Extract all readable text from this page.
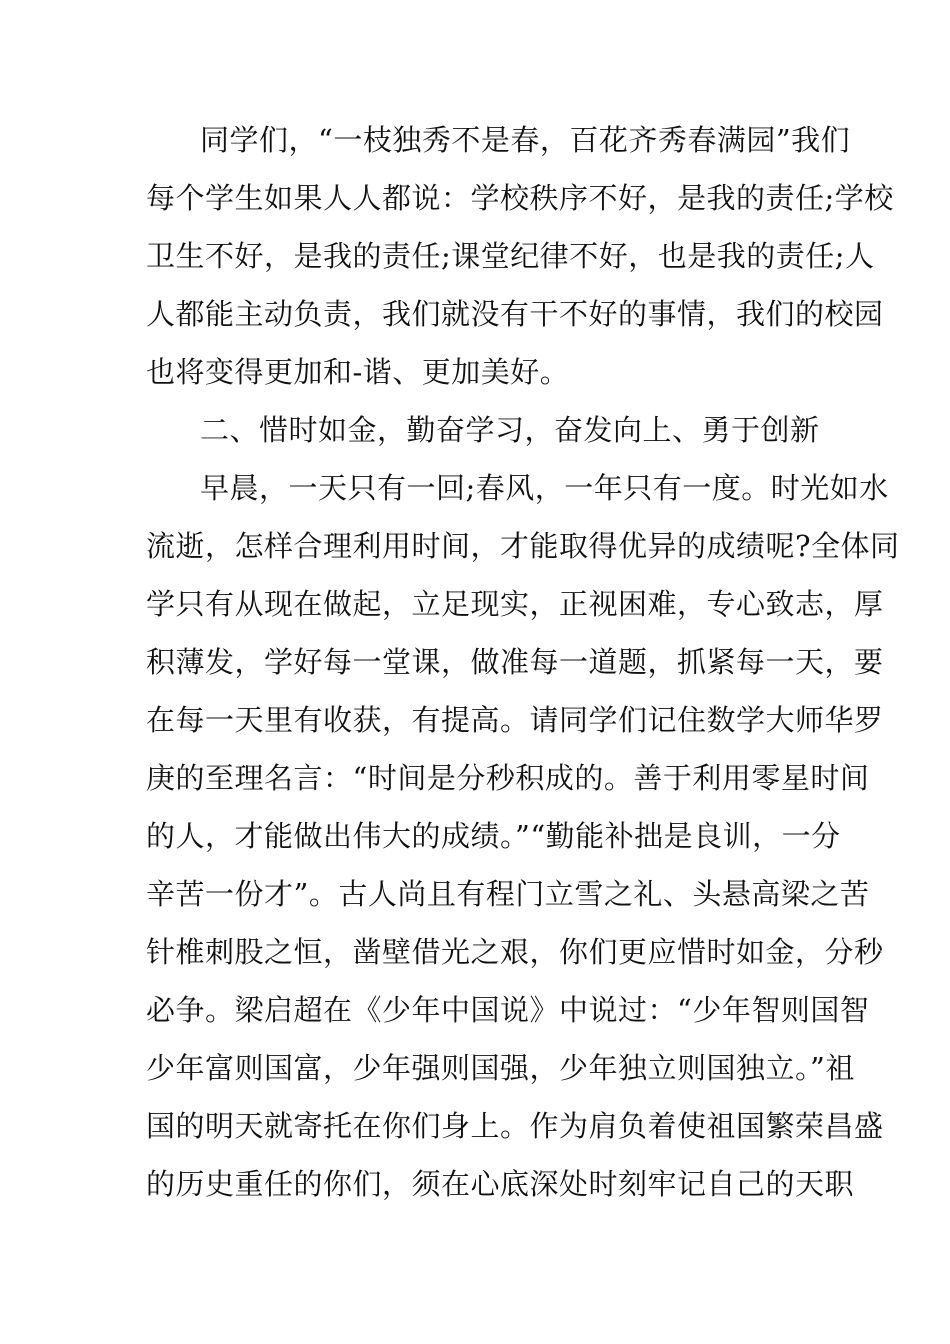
同学们，“一枝独秀不是春，百花齐秀春满园”我们
每个学生如果人人都说：学校秩序不好，是我的责任;学校
卫生不好，是我的责任;课堂纪律不好，也是我的责任;人
人都能主动负责，我们就没有干不好的事情，我们的校园
也将变得更加和-谐、更加美好。
二、惜时如金，勤奋学习，奋发向上、勇于创新
早晨，一天只有一回;春风，一年只有一度。时光如水
流逝，怎样合理利用时间，才能取得优异的成绩呢?全体同
学只有从现在做起，立足现实，正视困难，专心致志，厚
积薄发，学好每一堂课，做准每一道题，抓紧每一天，要
在每一天里有收获，有提高。请同学们记住数学大师华罗
庚的至理名言：“时间是分秒积成的。善于利用零星时间
的人，才能做出伟大的成绩。”“勤能补拙是良训，一分
辛苦一份才”。古人尚且有程门立雪之礼、头悬高梁之苦
针椎刺股之恒，凿壁借光之艰，你们更应惜时如金，分秒
必争。梁启超在《少年中国说》中说过：“少年智则国智
少年富则国富，少年强则国强，少年独立则国独立。”祖
国的明天就寄托在你们身上。作为肩负着使祖国繁荣昌盛
的历史重任的你们，须在心底深处时刻牢记自己的天职
